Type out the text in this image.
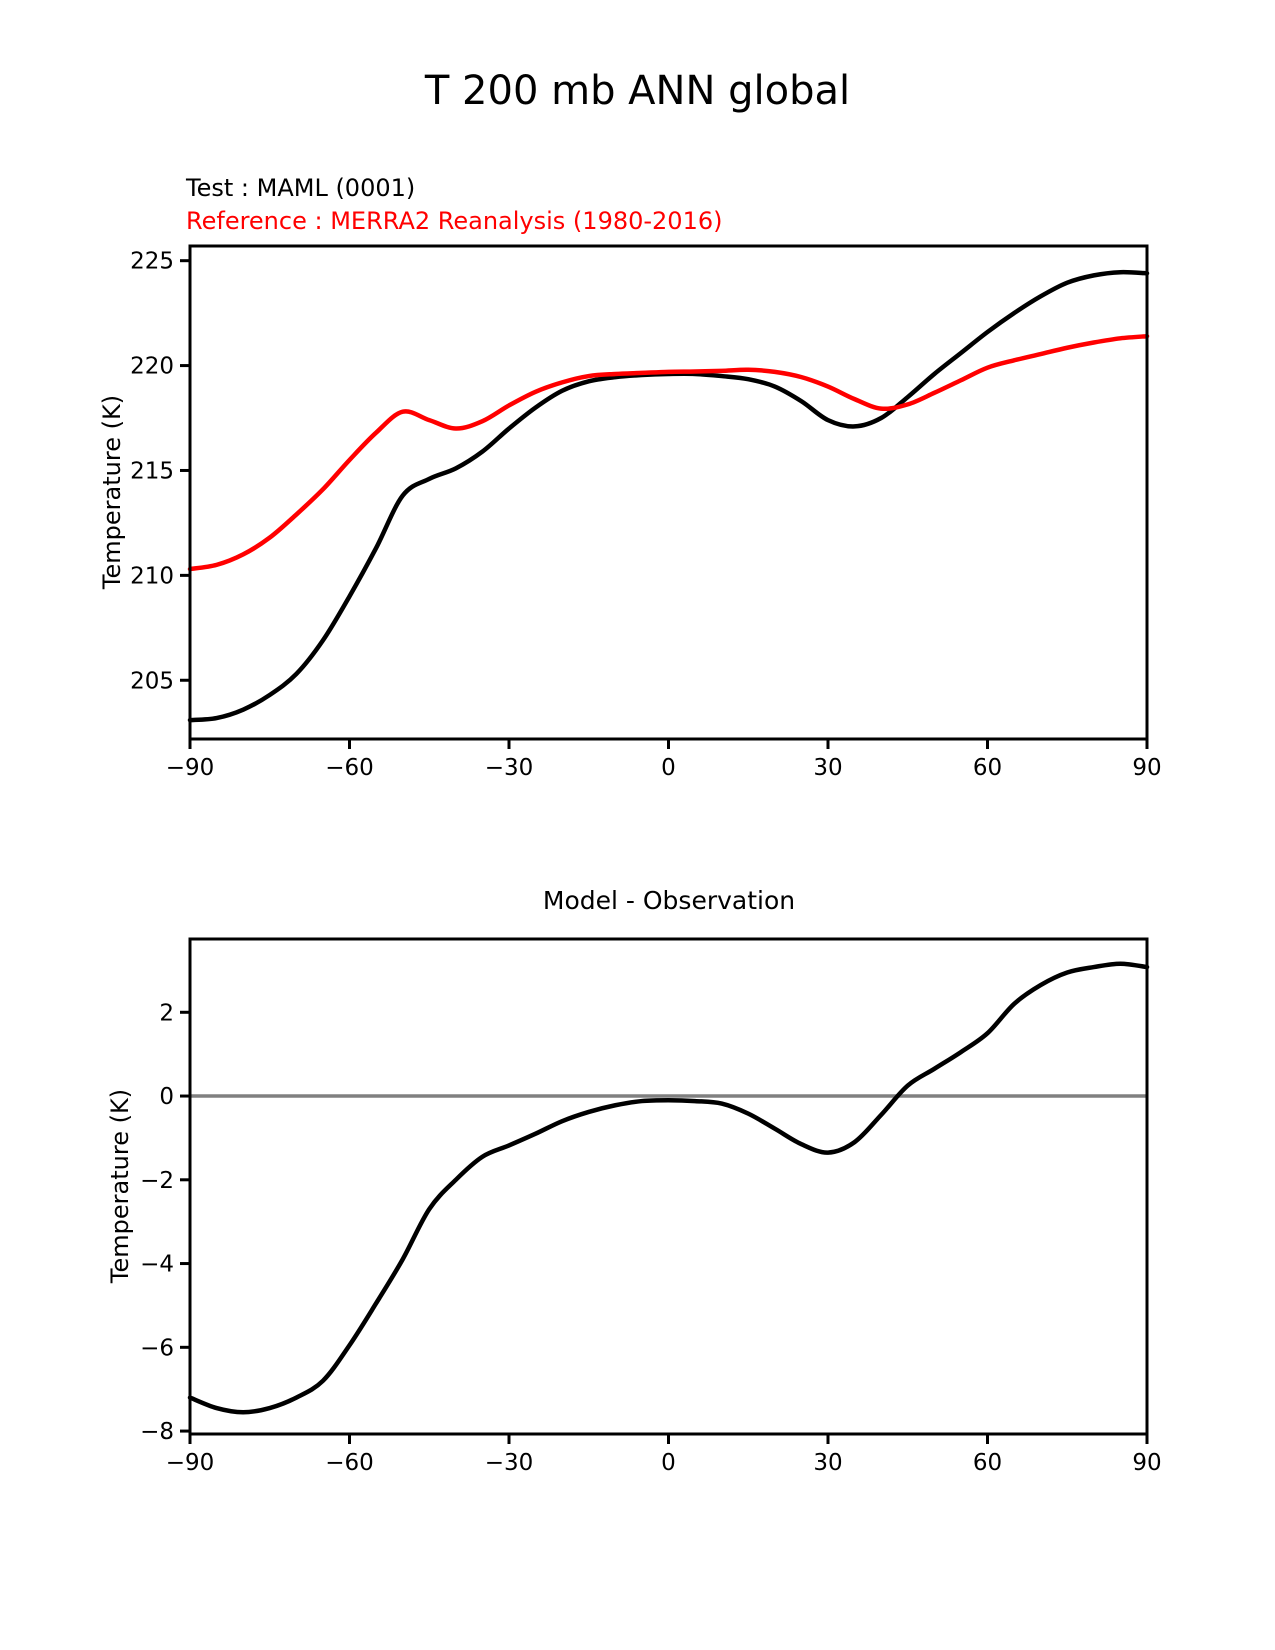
−90	−60	−30	0	30	60	90
205
210
215
220
225
−90	−60	−30	0	30	60	90
−8
−6
−4
−2
0
2
T 200 mb ANN global
Test : MAML (0001)
Reference : MERRA2 Reanalysis (1980-2016)
Temperature (K)
Model - Observation
Temperature (K)
